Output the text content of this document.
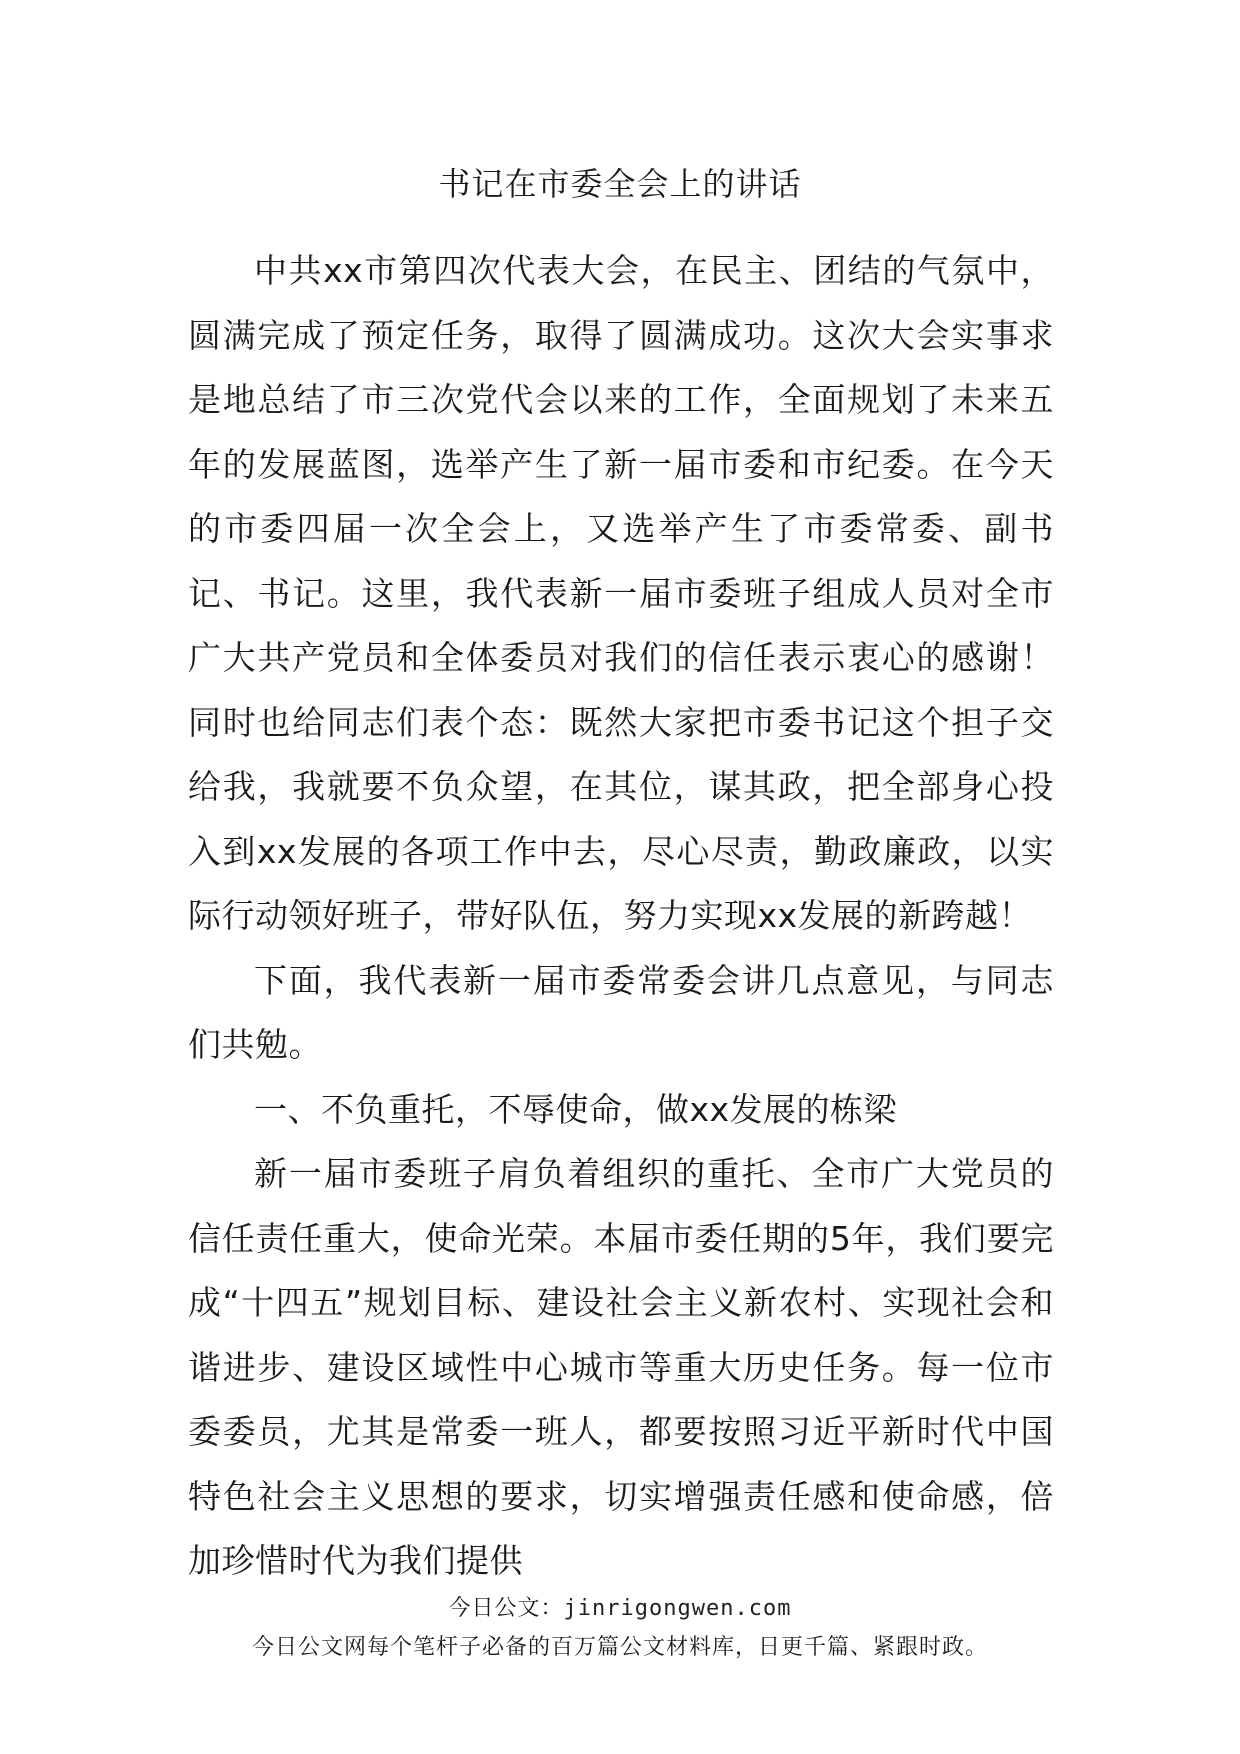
书记在市委全会上的讲话

中共xx市第四次代表大会，在民主、团结的气氛中，圆满完成了预定任务，取得了圆满成功。这次大会实事求是地总结了市三次党代会以来的工作，全面规划了未来五年的发展蓝图，选举产生了新一届市委和市纪委。在今天的市委四届一次全会上，又选举产生了市委常委、副书记、书记。这里，我代表新一届市委班子组成人员对全市广大共产党员和全体委员对我们的信任表示衷心的感谢！同时也给同志们表个态：既然大家把市委书记这个担子交给我，我就要不负众望，在其位，谋其政，把全部身心投入到xx发展的各项工作中去，尽心尽责，勤政廉政，以实际行动领好班子，带好队伍，努力实现xx发展的新跨越！

下面，我代表新一届市委常委会讲几点意见，与同志们共勉。

一、不负重托，不辱使命，做xx发展的栋梁

新一届市委班子肩负着组织的重托、全市广大党员的信任责任重大，使命光荣。本届市委任期的5年，我们要完成“十四五”规划目标、建设社会主义新农村、实现社会和谐进步、建设区域性中心城市等重大历史任务。每一位市委委员，尤其是常委一班人，都要按照习近平新时代中国特色社会主义思想的要求，切实增强责任感和使命感，倍加珍惜时代为我们提供

今日公文：jinrigongwen.com
今日公文网每个笔杆子必备的百万篇公文材料库，日更千篇、紧跟时政。
